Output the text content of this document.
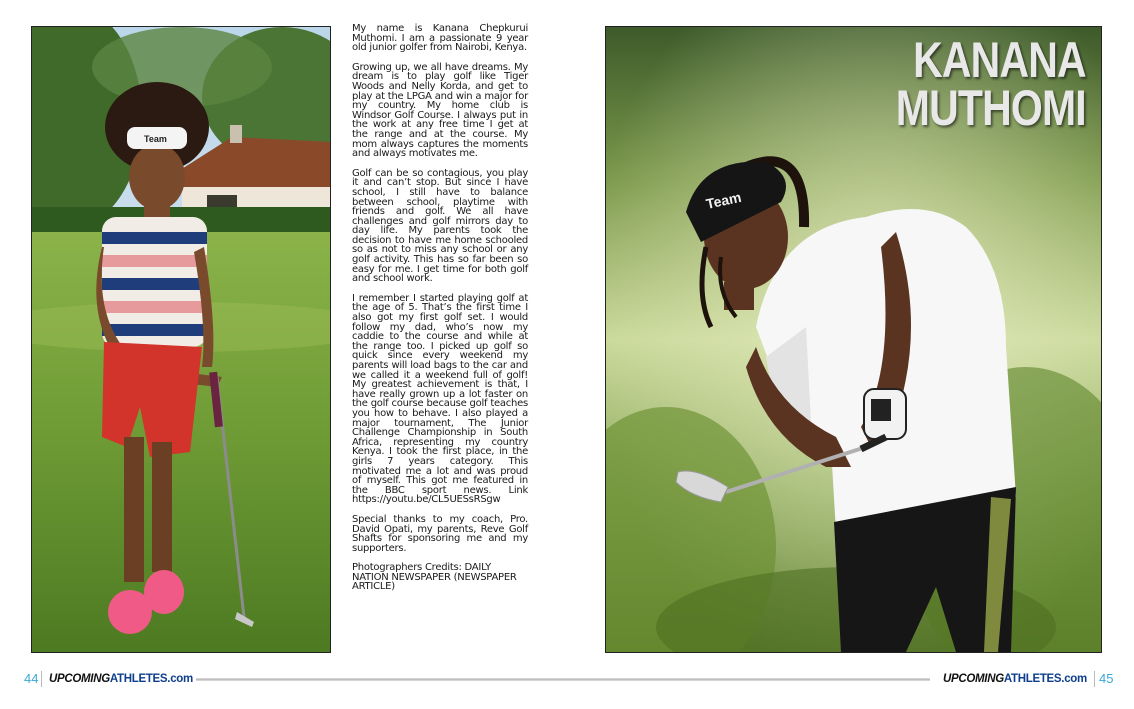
Team

My name is Kanana Chepkurui Muthomi. I am a passionate 9 year old junior golfer from Nairobi, Kenya.

Growing up, we all have dreams. My dream is to play golf like Tiger Woods and Nelly Korda, and get to play at the LPGA and win a major for my country. My home club is Windsor Golf Course. I always put in the work at any free time I get at the range and at the course. My mom always captures the moments and always motivates me.

Golf can be so contagious, you play it and can’t stop. But since I have school, I still have to balance between school, playtime with friends and golf. We all have challenges and golf mirrors day to day life. My parents took the decision to have me home schooled so as not to miss any school or any golf activity. This has so far been so easy for me. I get time for both golf and school work.

I remember I started playing golf at the age of 5. That’s the first time I also got my first golf set. I would follow my dad, who’s now my caddie to the course and while at the range too. I picked up golf so quick since every weekend my parents will load bags to the car and we called it a weekend full of golf! My greatest achievement is that, I have really grown up a lot faster on the golf course because golf teaches you how to behave. I also played a major tournament, The Junior Challenge Championship in South Africa, representing my country Kenya. I took the first place, in the girls 7 years category. This motivated me a lot and was proud of myself. This got me featured in the BBC sport news. Link https://youtu.be/CL5UESsRSgw

Special thanks to my coach, Pro. David Opati, my parents, Reve Golf Shafts for sponsoring me and my supporters.

Photographers Credits: DAILY NATION NEWSPAPER (NEWSPAPER ARTICLE)

Team
KANANA
MUTHOMI
44 UPCOMINGATHLETES.com	UPCOMINGATHLETES.com 45
